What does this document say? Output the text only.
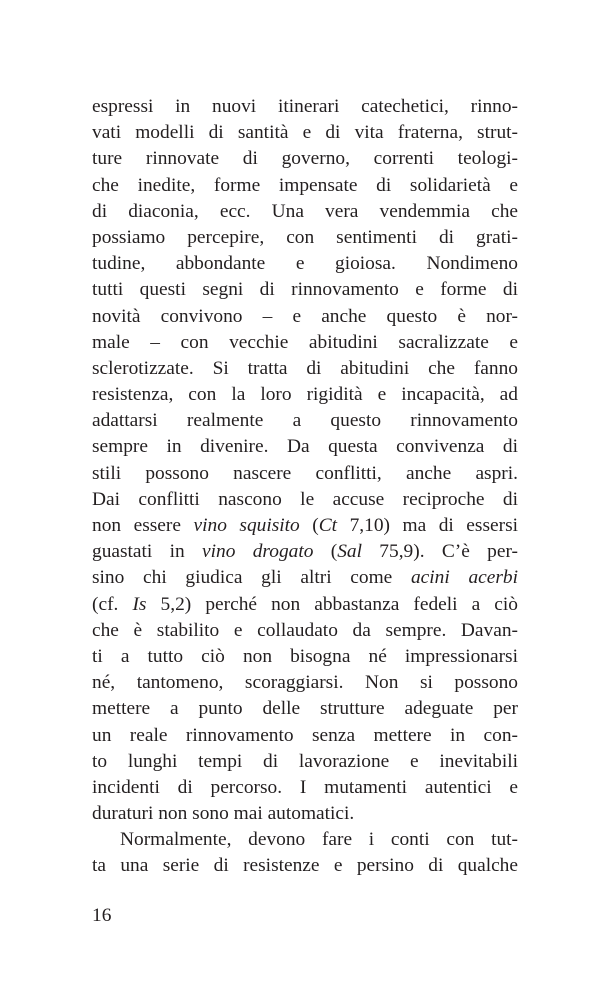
espressi in nuovi itinerari catechetici, rinno-
vati modelli di santità e di vita fraterna, strut-
ture rinnovate di governo, correnti teologi-
che inedite, forme impensate di solidarietà e
di diaconia, ecc. Una vera vendemmia che
possiamo percepire, con sentimenti di grati-
tudine, abbondante e gioiosa. Nondimeno
tutti questi segni di rinnovamento e forme di
novità convivono – e anche questo è nor-
male – con vecchie abitudini sacralizzate e
sclerotizzate. Si tratta di abitudini che fanno
resistenza, con la loro rigidità e incapacità, ad
adattarsi realmente a questo rinnovamento
sempre in divenire. Da questa convivenza di
stili possono nascere conflitti, anche aspri.
Dai conflitti nascono le accuse reciproche di
non essere vino squisito (Ct 7,10) ma di essersi
guastati in vino drogato (Sal 75,9). C’è per-
sino chi giudica gli altri come acini acerbi
(cf. Is 5,2) perché non abbastanza fedeli a ciò
che è stabilito e collaudato da sempre. Davan-
ti a tutto ciò non bisogna né impressionarsi
né, tantomeno, scoraggiarsi. Non si possono
mettere a punto delle strutture adeguate per
un reale rinnovamento senza mettere in con-
to lunghi tempi di lavorazione e inevitabili
incidenti di percorso. I mutamenti autentici e
duraturi non sono mai automatici.
Normalmente, devono fare i conti con tut-
ta una serie di resistenze e persino di qualche
16
